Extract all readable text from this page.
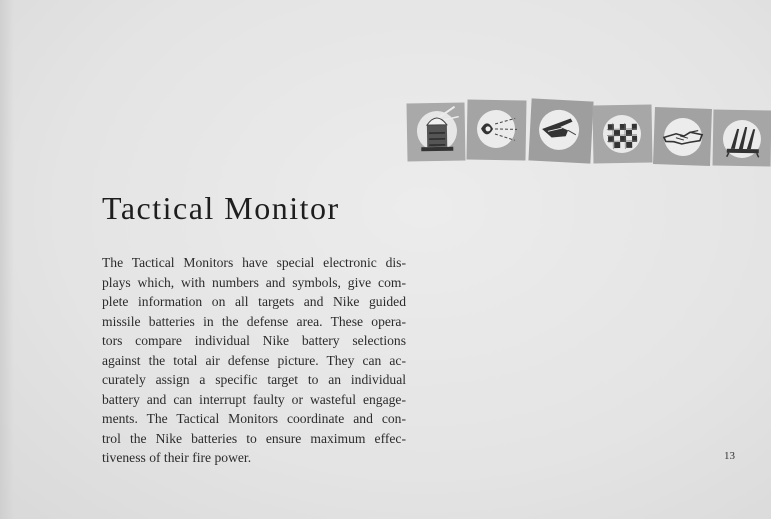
Tactical Monitor
The Tactical Monitors have special electronic dis-
plays which, with numbers and symbols, give com-
plete information on all targets and Nike guided
missile batteries in the defense area. These opera-
tors compare individual Nike battery selections
against the total air defense picture. They can ac-
curately assign a specific target to an individual
battery and can interrupt faulty or wasteful engage-
ments. The Tactical Monitors coordinate and con-
trol the Nike batteries to ensure maximum effec-
tiveness of their fire power.	13
